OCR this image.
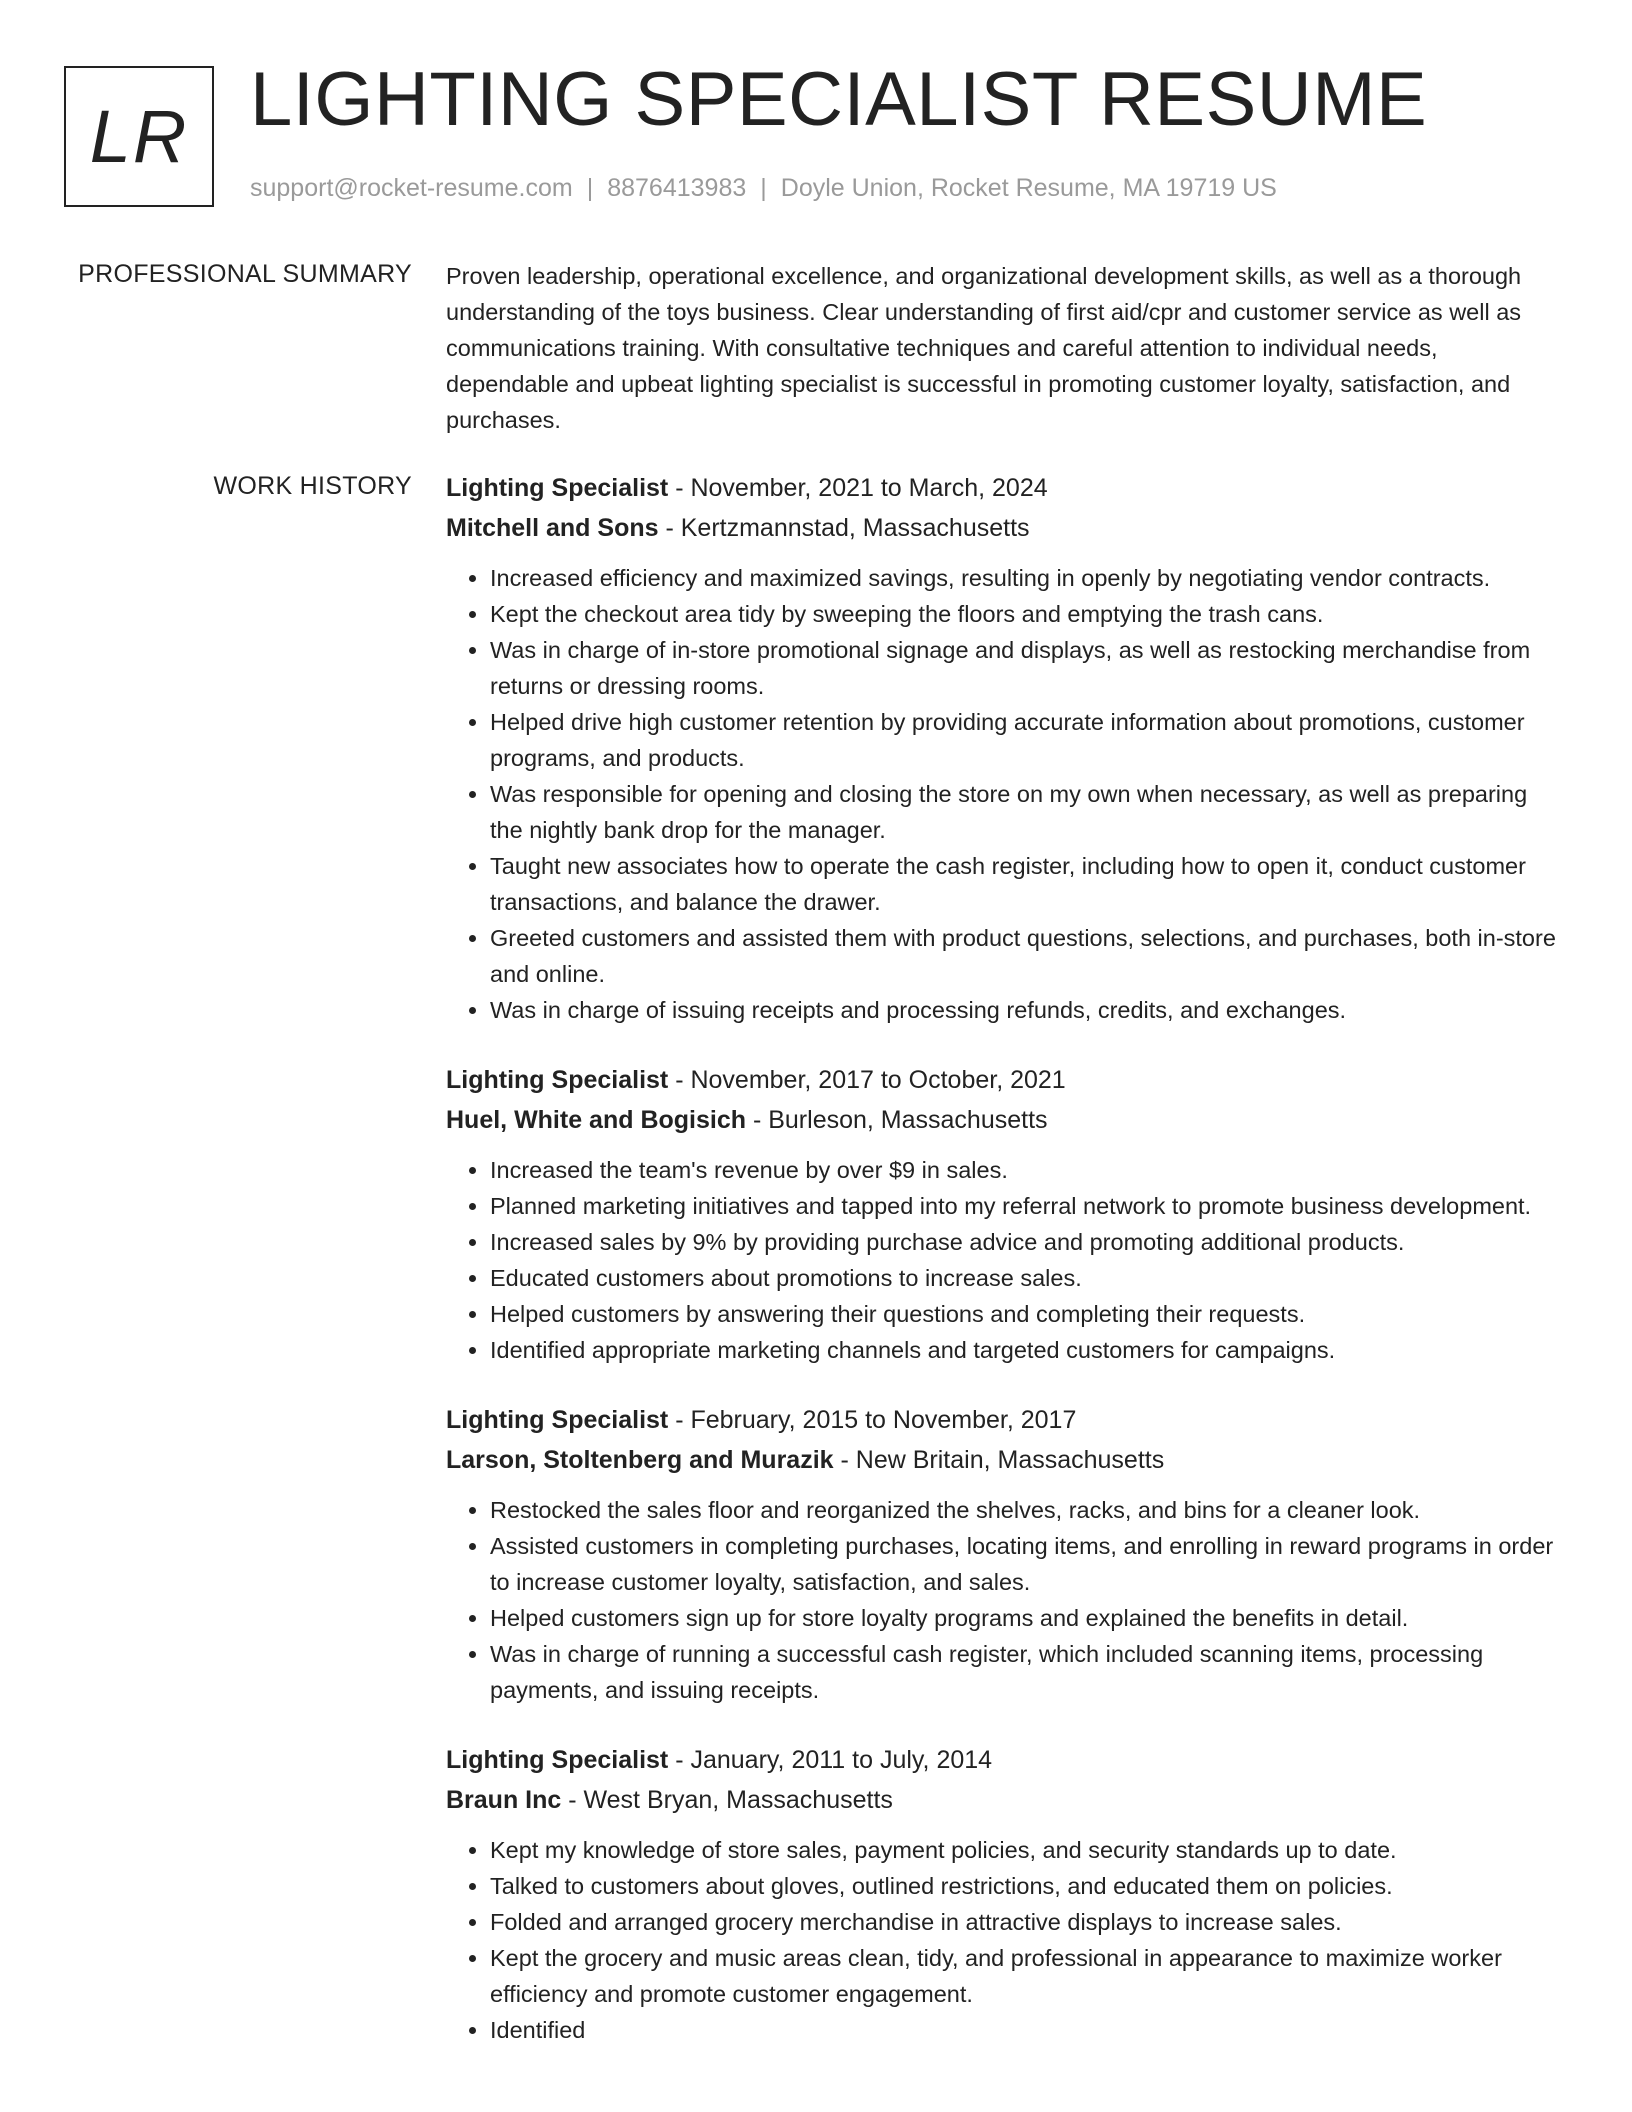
LR LIGHTING SPECIALIST RESUME
support@rocket-resume.com | 8876413983 | Doyle Union, Rocket Resume, MA 19719 US
PROFESSIONAL SUMMARY Proven leadership, operational excellence, and organizational development skills, as well as a thorough understanding of the toys business. Clear understanding of first aid/cpr and customer service as well as communications training. With consultative techniques and careful attention to individual needs, dependable and upbeat lighting specialist is successful in promoting customer loyalty, satisfaction, and purchases.

WORK HISTORY Lighting Specialist - November, 2021 to March, 2024
Mitchell and Sons - Kertzmannstad, Massachusetts
• Increased efficiency and maximized savings, resulting in openly by negotiating vendor contracts.
• Kept the checkout area tidy by sweeping the floors and emptying the trash cans.
• Was in charge of in-store promotional signage and displays, as well as restocking merchandise from returns or dressing rooms.
• Helped drive high customer retention by providing accurate information about promotions, customer programs, and products.
• Was responsible for opening and closing the store on my own when necessary, as well as preparing the nightly bank drop for the manager.
• Taught new associates how to operate the cash register, including how to open it, conduct customer transactions, and balance the drawer.
• Greeted customers and assisted them with product questions, selections, and purchases, both in-store and online.
• Was in charge of issuing receipts and processing refunds, credits, and exchanges.
Lighting Specialist - November, 2017 to October, 2021
Huel, White and Bogisich - Burleson, Massachusetts
• Increased the team's revenue by over $9 in sales.
• Planned marketing initiatives and tapped into my referral network to promote business development.
• Increased sales by 9% by providing purchase advice and promoting additional products.
• Educated customers about promotions to increase sales.
• Helped customers by answering their questions and completing their requests.
• Identified appropriate marketing channels and targeted customers for campaigns.
Lighting Specialist - February, 2015 to November, 2017
Larson, Stoltenberg and Murazik - New Britain, Massachusetts
• Restocked the sales floor and reorganized the shelves, racks, and bins for a cleaner look.
• Assisted customers in completing purchases, locating items, and enrolling in reward programs in order to increase customer loyalty, satisfaction, and sales.
• Helped customers sign up for store loyalty programs and explained the benefits in detail.
• Was in charge of running a successful cash register, which included scanning items, processing payments, and issuing receipts.
Lighting Specialist - January, 2011 to July, 2014
Braun Inc - West Bryan, Massachusetts
• Kept my knowledge of store sales, payment policies, and security standards up to date.
• Talked to customers about gloves, outlined restrictions, and educated them on policies.
• Folded and arranged grocery merchandise in attractive displays to increase sales.
• Kept the grocery and music areas clean, tidy, and professional in appearance to maximize worker efficiency and promote customer engagement.
• Identified
